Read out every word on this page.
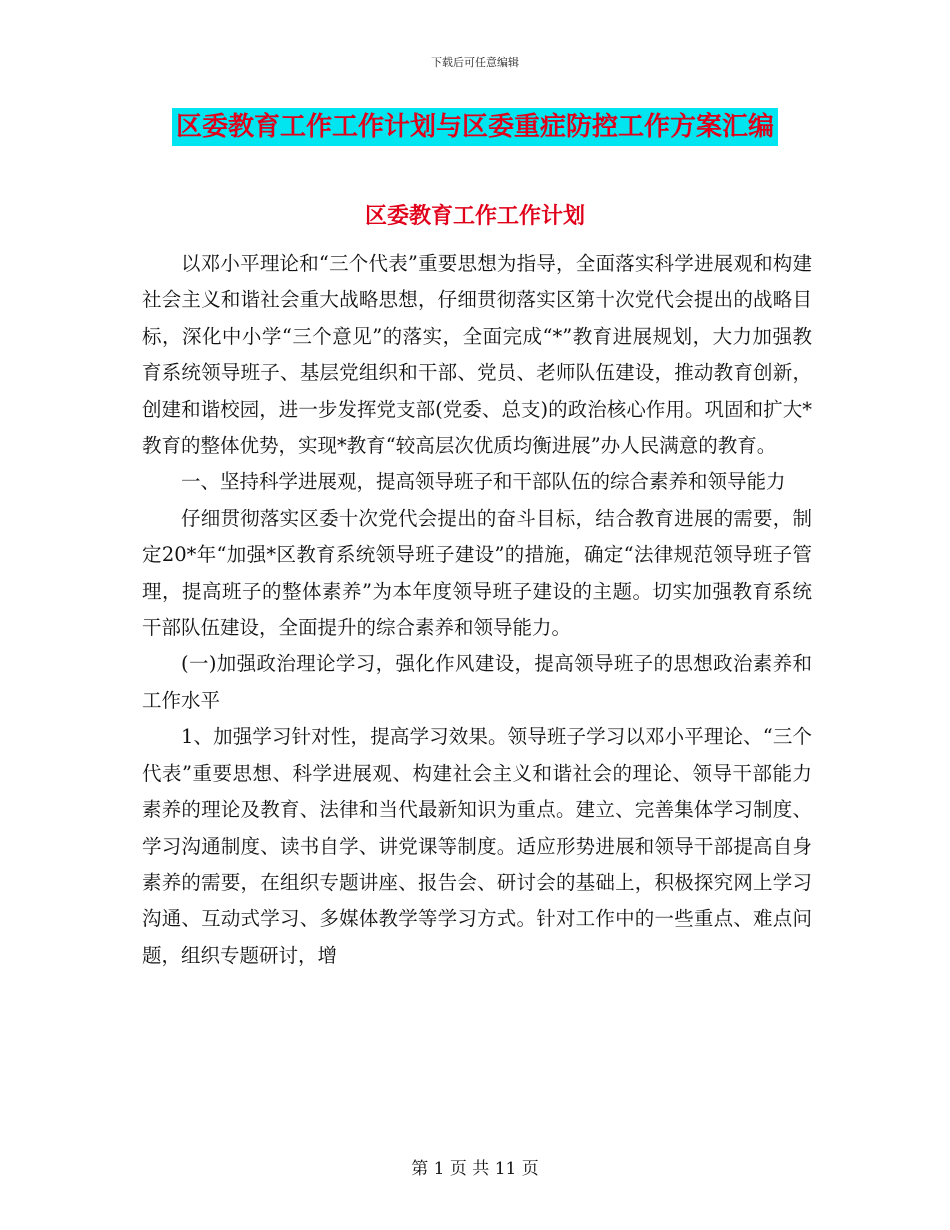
下载后可任意编辑
区委教育工作工作计划与区委重症防控工作方案汇编
区委教育工作工作计划

以邓小平理论和“三个代表”重要思想为指导，全面落实科学进展观和构建社会主义和谐社会重大战略思想，仔细贯彻落实区第十次党代会提出的战略目标，深化中小学“三个意见”的落实，全面完成“*”教育进展规划，大力加强教育系统领导班子、基层党组织和干部、党员、老师队伍建设，推动教育创新，创建和谐校园，进一步发挥党支部(党委、总支)的政治核心作用。巩固和扩大*教育的整体优势，实现*教育“较高层次优质均衡进展”办人民满意的教育。

一、坚持科学进展观，提高领导班子和干部队伍的综合素养和领导能力

仔细贯彻落实区委十次党代会提出的奋斗目标，结合教育进展的需要，制定20*年“加强*区教育系统领导班子建设”的措施，确定“法律规范领导班子管理，提高班子的整体素养”为本年度领导班子建设的主题。切实加强教育系统干部队伍建设，全面提升的综合素养和领导能力。

(一)加强政治理论学习，强化作风建设，提高领导班子的思想政治素养和工作水平

1、加强学习针对性，提高学习效果。领导班子学习以邓小平理论、“三个代表”重要思想、科学进展观、构建社会主义和谐社会的理论、领导干部能力素养的理论及教育、法律和当代最新知识为重点。建立、完善集体学习制度、学习沟通制度、读书自学、讲党课等制度。适应形势进展和领导干部提高自身素养的需要，在组织专题讲座、报告会、研讨会的基础上，积极探究网上学习沟通、互动式学习、多媒体教学等学习方式。针对工作中的一些重点、难点问题，组织专题研讨，增

第 1 页 共 11 页
